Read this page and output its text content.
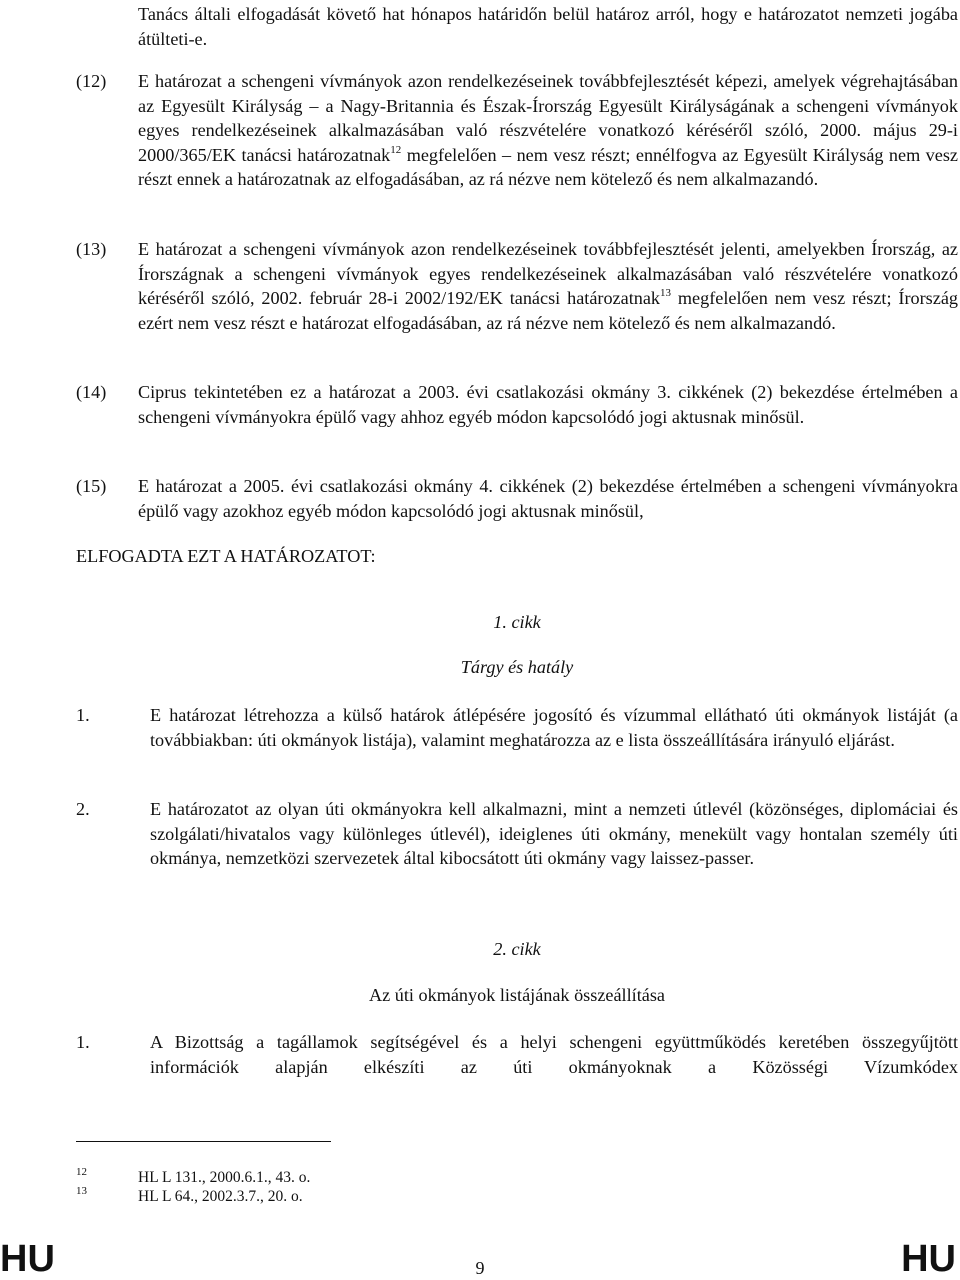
Tanács általi elfogadását követő hat hónapos határidőn belül határoz arról, hogy e határozatot nemzeti jogába átülteti-e.
(12)	E határozat a schengeni vívmányok azon rendelkezéseinek továbbfejlesztését képezi, amelyek végrehajtásában az Egyesült Királyság – a Nagy-Britannia és Észak-Írország Egyesült Királyságának a schengeni vívmányok egyes rendelkezéseinek alkalmazásában való részvételére vonatkozó kéréséről szóló, 2000. május 29-i 2000/365/EK tanácsi határozatnak$^{12}$ megfelelően – nem vesz részt; ennélfogva az Egyesült Királyság nem vesz részt ennek a határozatnak az elfogadásában, az rá nézve nem kötelező és nem alkalmazandó.
(13)	E határozat a schengeni vívmányok azon rendelkezéseinek továbbfejlesztését jelenti, amelyekben Írország, az Írországnak a schengeni vívmányok egyes rendelkezéseinek alkalmazásában való részvételére vonatkozó kéréséről szóló, 2002. február 28-i 2002/192/EK tanácsi határozatnak$^{13}$ megfelelően nem vesz részt; Írország ezért nem vesz részt e határozat elfogadásában, az rá nézve nem kötelező és nem alkalmazandó.
(14)	Ciprus tekintetében ez a határozat a 2003. évi csatlakozási okmány 3. cikkének (2) bekezdése értelmében a schengeni vívmányokra épülő vagy ahhoz egyéb módon kapcsolódó jogi aktusnak minősül.
(15)	E határozat a 2005. évi csatlakozási okmány 4. cikkének (2) bekezdése értelmében a schengeni vívmányokra épülő vagy azokhoz egyéb módon kapcsolódó jogi aktusnak minősül,
ELFOGADTA EZT A HATÁROZATOT:
1. cikk
Tárgy és hatály
1.	E határozat létrehozza a külső határok átlépésére jogosító és vízummal ellátható úti okmányok listáját (a továbbiakban: úti okmányok listája), valamint meghatározza az e lista összeállítására irányuló eljárást.
2.	E határozatot az olyan úti okmányokra kell alkalmazni, mint a nemzeti útlevél (közönséges, diplomáciai és szolgálati/hivatalos vagy különleges útlevél), ideiglenes úti okmány, menekült vagy hontalan személy úti okmánya, nemzetközi szervezetek által kibocsátott úti okmány vagy laissez-passer.
2. cikk
Az úti okmányok listájának összeállítása
1.	A Bizottság a tagállamok segítségével és a helyi schengeni együttműködés keretében összegyűjtött információk alapján elkészíti az úti okmányoknak a Közösségi Vízumkódex
12	HL L 131., 2000.6.1., 43. o.
13	HL L 64., 2002.3.7., 20. o.
HU	9	HU
